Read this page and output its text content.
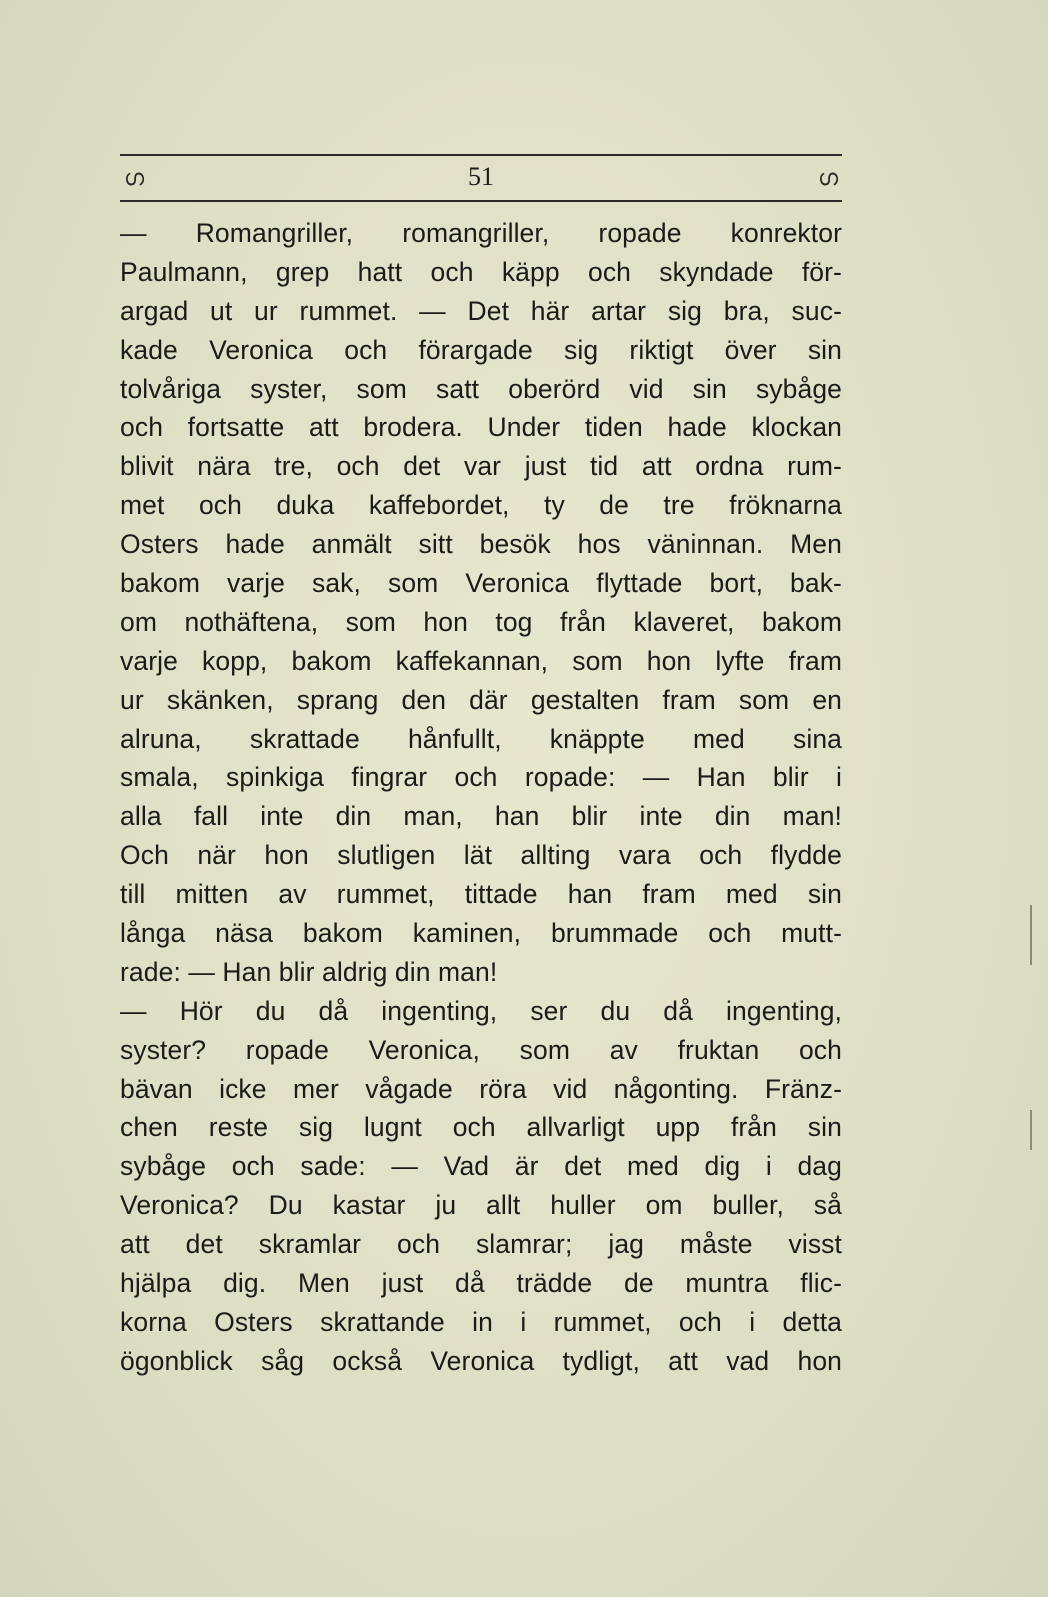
ഗ	51	ഗ
— Romangriller, romangriller, ropade konrektor
Paulmann, grep hatt och käpp och skyndade för-
argad ut ur rummet. — Det här artar sig bra, suc-
kade Veronica och förargade sig riktigt över sin
tolvåriga syster, som satt oberörd vid sin sybåge
och fortsatte att brodera. Under tiden hade klockan
blivit nära tre, och det var just tid att ordna rum-
met och duka kaffebordet, ty de tre fröknarna
Osters hade anmält sitt besök hos väninnan. Men
bakom varje sak, som Veronica flyttade bort, bak-
om nothäftena, som hon tog från klaveret, bakom
varje kopp, bakom kaffekannan, som hon lyfte fram
ur skänken, sprang den där gestalten fram som en
alruna, skrattade hånfullt, knäppte med sina
smala, spinkiga fingrar och ropade: — Han blir i
alla fall inte din man, han blir inte din man!
Och när hon slutligen lät allting vara och flydde
till mitten av rummet, tittade han fram med sin
långa näsa bakom kaminen, brummade och mutt-
rade: — Han blir aldrig din man!
— Hör du då ingenting, ser du då ingenting,
syster? ropade Veronica, som av fruktan och
bävan icke mer vågade röra vid någonting. Fränz-
chen reste sig lugnt och allvarligt upp från sin
sybåge och sade: — Vad är det med dig i dag
Veronica? Du kastar ju allt huller om buller, så
att det skramlar och slamrar; jag måste visst
hjälpa dig. Men just då trädde de muntra flic-
korna Osters skrattande in i rummet, och i detta
ögonblick såg också Veronica tydligt, att vad hon
